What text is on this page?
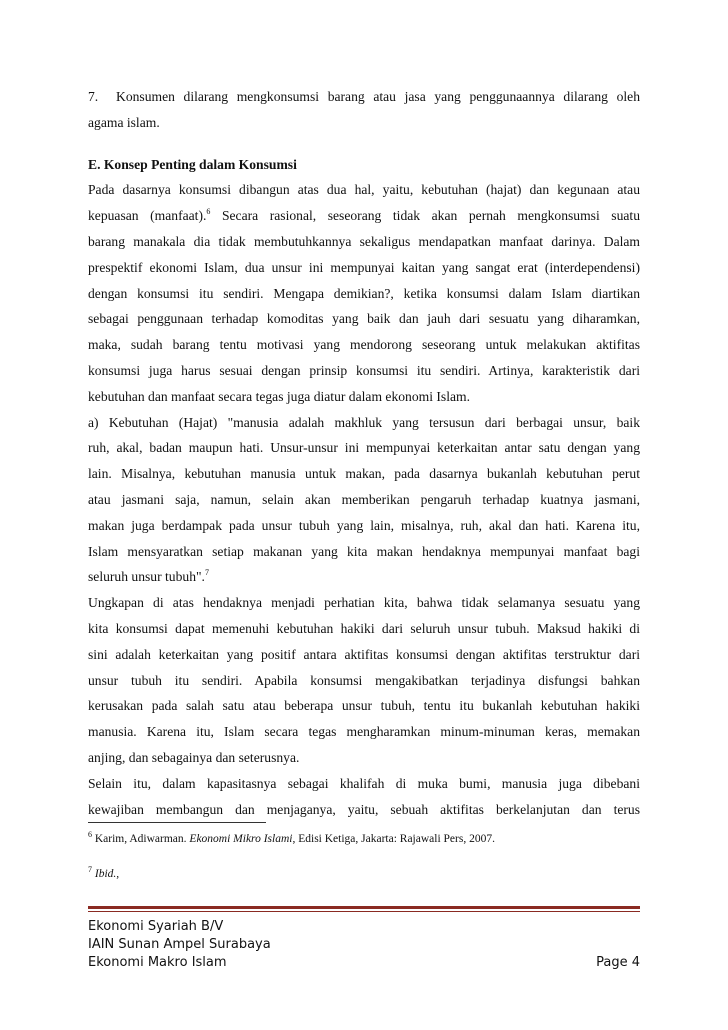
7. Konsumen dilarang mengkonsumsi barang atau jasa yang penggunaannya dilarang oleh
agama islam.
E. Konsep Penting dalam Konsumsi
Pada dasarnya konsumsi dibangun atas dua hal, yaitu, kebutuhan (hajat) dan kegunaan atau
kepuasan (manfaat).$^6$ Secara rasional, seseorang tidak akan pernah mengkonsumsi suatu
barang manakala dia tidak membutuhkannya sekaligus mendapatkan manfaat darinya. Dalam
prespektif ekonomi Islam, dua unsur ini mempunyai kaitan yang sangat erat (interdependensi)
dengan konsumsi itu sendiri. Mengapa demikian?, ketika konsumsi dalam Islam diartikan
sebagai penggunaan terhadap komoditas yang baik dan jauh dari sesuatu yang diharamkan,
maka, sudah barang tentu motivasi yang mendorong seseorang untuk melakukan aktifitas
konsumsi juga harus sesuai dengan prinsip konsumsi itu sendiri. Artinya, karakteristik dari
kebutuhan dan manfaat secara tegas juga diatur dalam ekonomi Islam.
a) Kebutuhan (Hajat) "manusia adalah makhluk yang tersusun dari berbagai unsur, baik
ruh, akal, badan maupun hati. Unsur-unsur ini mempunyai keterkaitan antar satu dengan yang
lain. Misalnya, kebutuhan manusia untuk makan, pada dasarnya bukanlah kebutuhan perut
atau jasmani saja, namun, selain akan memberikan pengaruh terhadap kuatnya jasmani,
makan juga berdampak pada unsur tubuh yang lain, misalnya, ruh, akal dan hati. Karena itu,
Islam mensyaratkan setiap makanan yang kita makan hendaknya mempunyai manfaat bagi
seluruh unsur tubuh".$^7$
Ungkapan di atas hendaknya menjadi perhatian kita, bahwa tidak selamanya sesuatu yang
kita konsumsi dapat memenuhi kebutuhan hakiki dari seluruh unsur tubuh. Maksud hakiki di
sini adalah keterkaitan yang positif antara aktifitas konsumsi dengan aktifitas terstruktur dari
unsur tubuh itu sendiri. Apabila konsumsi mengakibatkan terjadinya disfungsi bahkan
kerusakan pada salah satu atau beberapa unsur tubuh, tentu itu bukanlah kebutuhan hakiki
manusia. Karena itu, Islam secara tegas mengharamkan minum-minuman keras, memakan
anjing, dan sebagainya dan seterusnya.
Selain itu, dalam kapasitasnya sebagai khalifah di muka bumi, manusia juga dibebani
kewajiban membangun dan menjaganya, yaitu, sebuah aktifitas berkelanjutan dan terus
$^6$ Karim, Adiwarman. Ekonomi Mikro Islami, Edisi Ketiga, Jakarta: Rajawali Pers, 2007.
$^7$ Ibid.,
Ekonomi Syariah B/V
IAIN Sunan Ampel Surabaya
Ekonomi Makro Islam	Page 4
